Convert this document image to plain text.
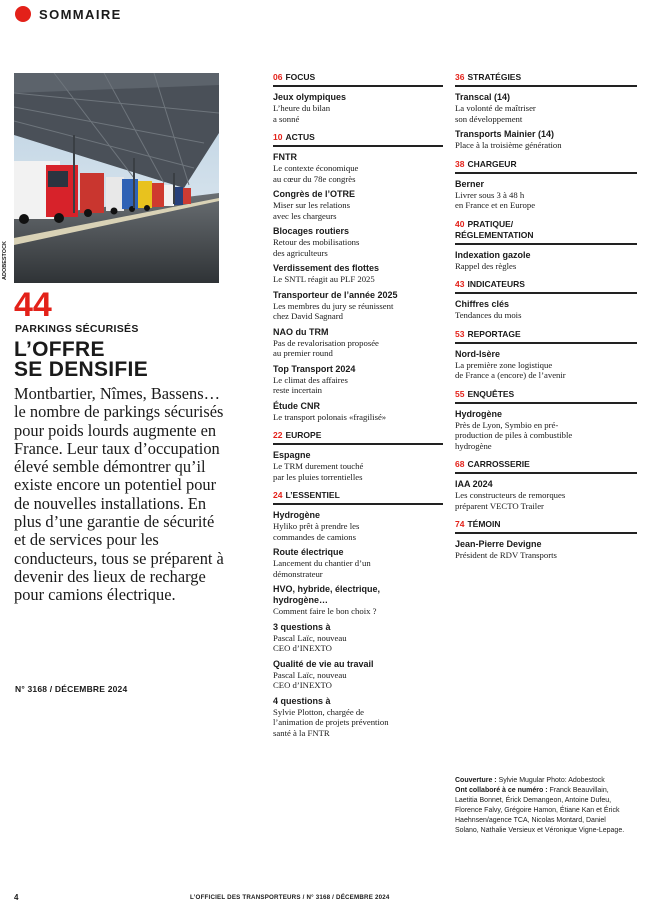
SOMMAIRE
ADOBESTOCK
44
PARKINGS SÉCURISÉS
L’OFFRE
SE DENSIFIE
Montbartier, Nîmes, Bassens… le nombre de parkings sécurisés pour poids lourds augmente en France. Leur taux d’occupation élevé semble démontrer qu’il existe encore un potentiel pour de nouvelles installations. En plus d’une garantie de sécurité et de services pour les conducteurs, tous se préparent à devenir des lieux de recharge pour camions électrique.
N° 3168 / DÉCEMBRE 2024
06 FOCUS
Jeux olympiques
L’heure du bilan
a sonné
10 ACTUS
FNTR
Le contexte économique
au cœur du 78e congrès
Congrès de l’OTRE
Miser sur les relations
avec les chargeurs
Blocages routiers
Retour des mobilisations
des agriculteurs
Verdissement des flottes
Le SNTL réagit au PLF 2025
Transporteur de l’année 2025
Les membres du jury se réunissent
chez David Sagnard
NAO du TRM
Pas de revalorisation proposée
au premier round
Top Transport 2024
Le climat des affaires
reste incertain
Étude CNR
Le transport polonais «fragilisé»
22 EUROPE
Espagne
Le TRM durement touché
par les pluies torrentielles
24 L’ESSENTIEL
Hydrogène
Hyliko prêt à prendre les
commandes de camions
Route électrique
Lancement du chantier d’un
démonstrateur
HVO, hybride, électrique,
hydrogène…
Comment faire le bon choix ?
3 questions à
Pascal Laïc, nouveau
CEO d’INEXTO
Qualité de vie au travail
Pascal Laïc, nouveau
CEO d’INEXTO
4 questions à
Sylvie Plotton, chargée de
l’animation de projets prévention
santé à la FNTR
36 STRATÉGIES
Transcal (14)
La volonté de maîtriser
son développement
Transports Mainier (14)
Place à la troisième génération
38 CHARGEUR
Berner
Livrer sous 3 à 48 h
en France et en Europe
40 PRATIQUE/
RÉGLEMENTATION
Indexation gazole
Rappel des règles
43 INDICATEURS
Chiffres clés
Tendances du mois
53 REPORTAGE
Nord-Isère
La première zone logistique
de France a (encore) de l’avenir
55 ENQUÊTES
Hydrogène
Près de Lyon, Symbio en pré-
production de piles à combustible
hydrogène
68 CARROSSERIE
IAA 2024
Les constructeurs de remorques
préparent VECTO Trailer
74 TÉMOIN
Jean-Pierre Devigne
Président de RDV Transports
Couverture : Sylvie Mugular Photo: Adobestock
Ont collaboré à ce numéro : Franck Beauvillain, Laetitia Bonnet, Érick Demangeon, Antoine Dufeu, Florence Falvy, Grégoire Hamon, Étiane Kan et Érick Haehnsen/agence TCA, Nicolas Montard, Daniel Solano, Nathalie Versieux et Véronique Vigne-Lepage.
4	L’OFFICIEL DES TRANSPORTEURS / N° 3168 / DÉCEMBRE 2024
